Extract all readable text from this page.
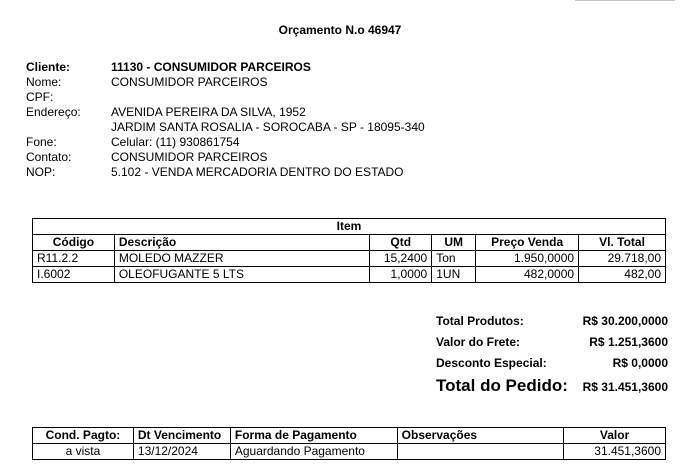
Orçamento N.o 46947
Cliente:	11130 - CONSUMIDOR PARCEIROS
Nome:	CONSUMIDOR PARCEIROS
CPF:
Endereço:	AVENIDA PEREIRA DA SILVA, 1952
JARDIM SANTA ROSALIA - SOROCABA - SP - 18095-340
Fone:	Celular: (11) 930861754
Contato:	CONSUMIDOR PARCEIROS
NOP:	5.102 - VENDA MERCADORIA DENTRO DO ESTADO
Item					
Código	Descrição	Qtd	UM	Preço Venda	Vl. Total
R11.2.2	MOLEDO MAZZER	15,2400	Ton	1.950,0000	29.718,00
I.6002	OLEOFUGANTE 5 LTS	1,0000	1UN	482,0000	482,00
Total Produtos:	R$ 30.200,0000
Valor do Frete:	R$ 1.251,3600
Desconto Especial:	R$ 0,0000
Total do Pedido: R$ 31.451,3600
Cond. Pagto:	Dt Vencimento	Forma de Pagamento	Observações	Valor
a vista	13/12/2024	Aguardando Pagamento		31.451,3600
